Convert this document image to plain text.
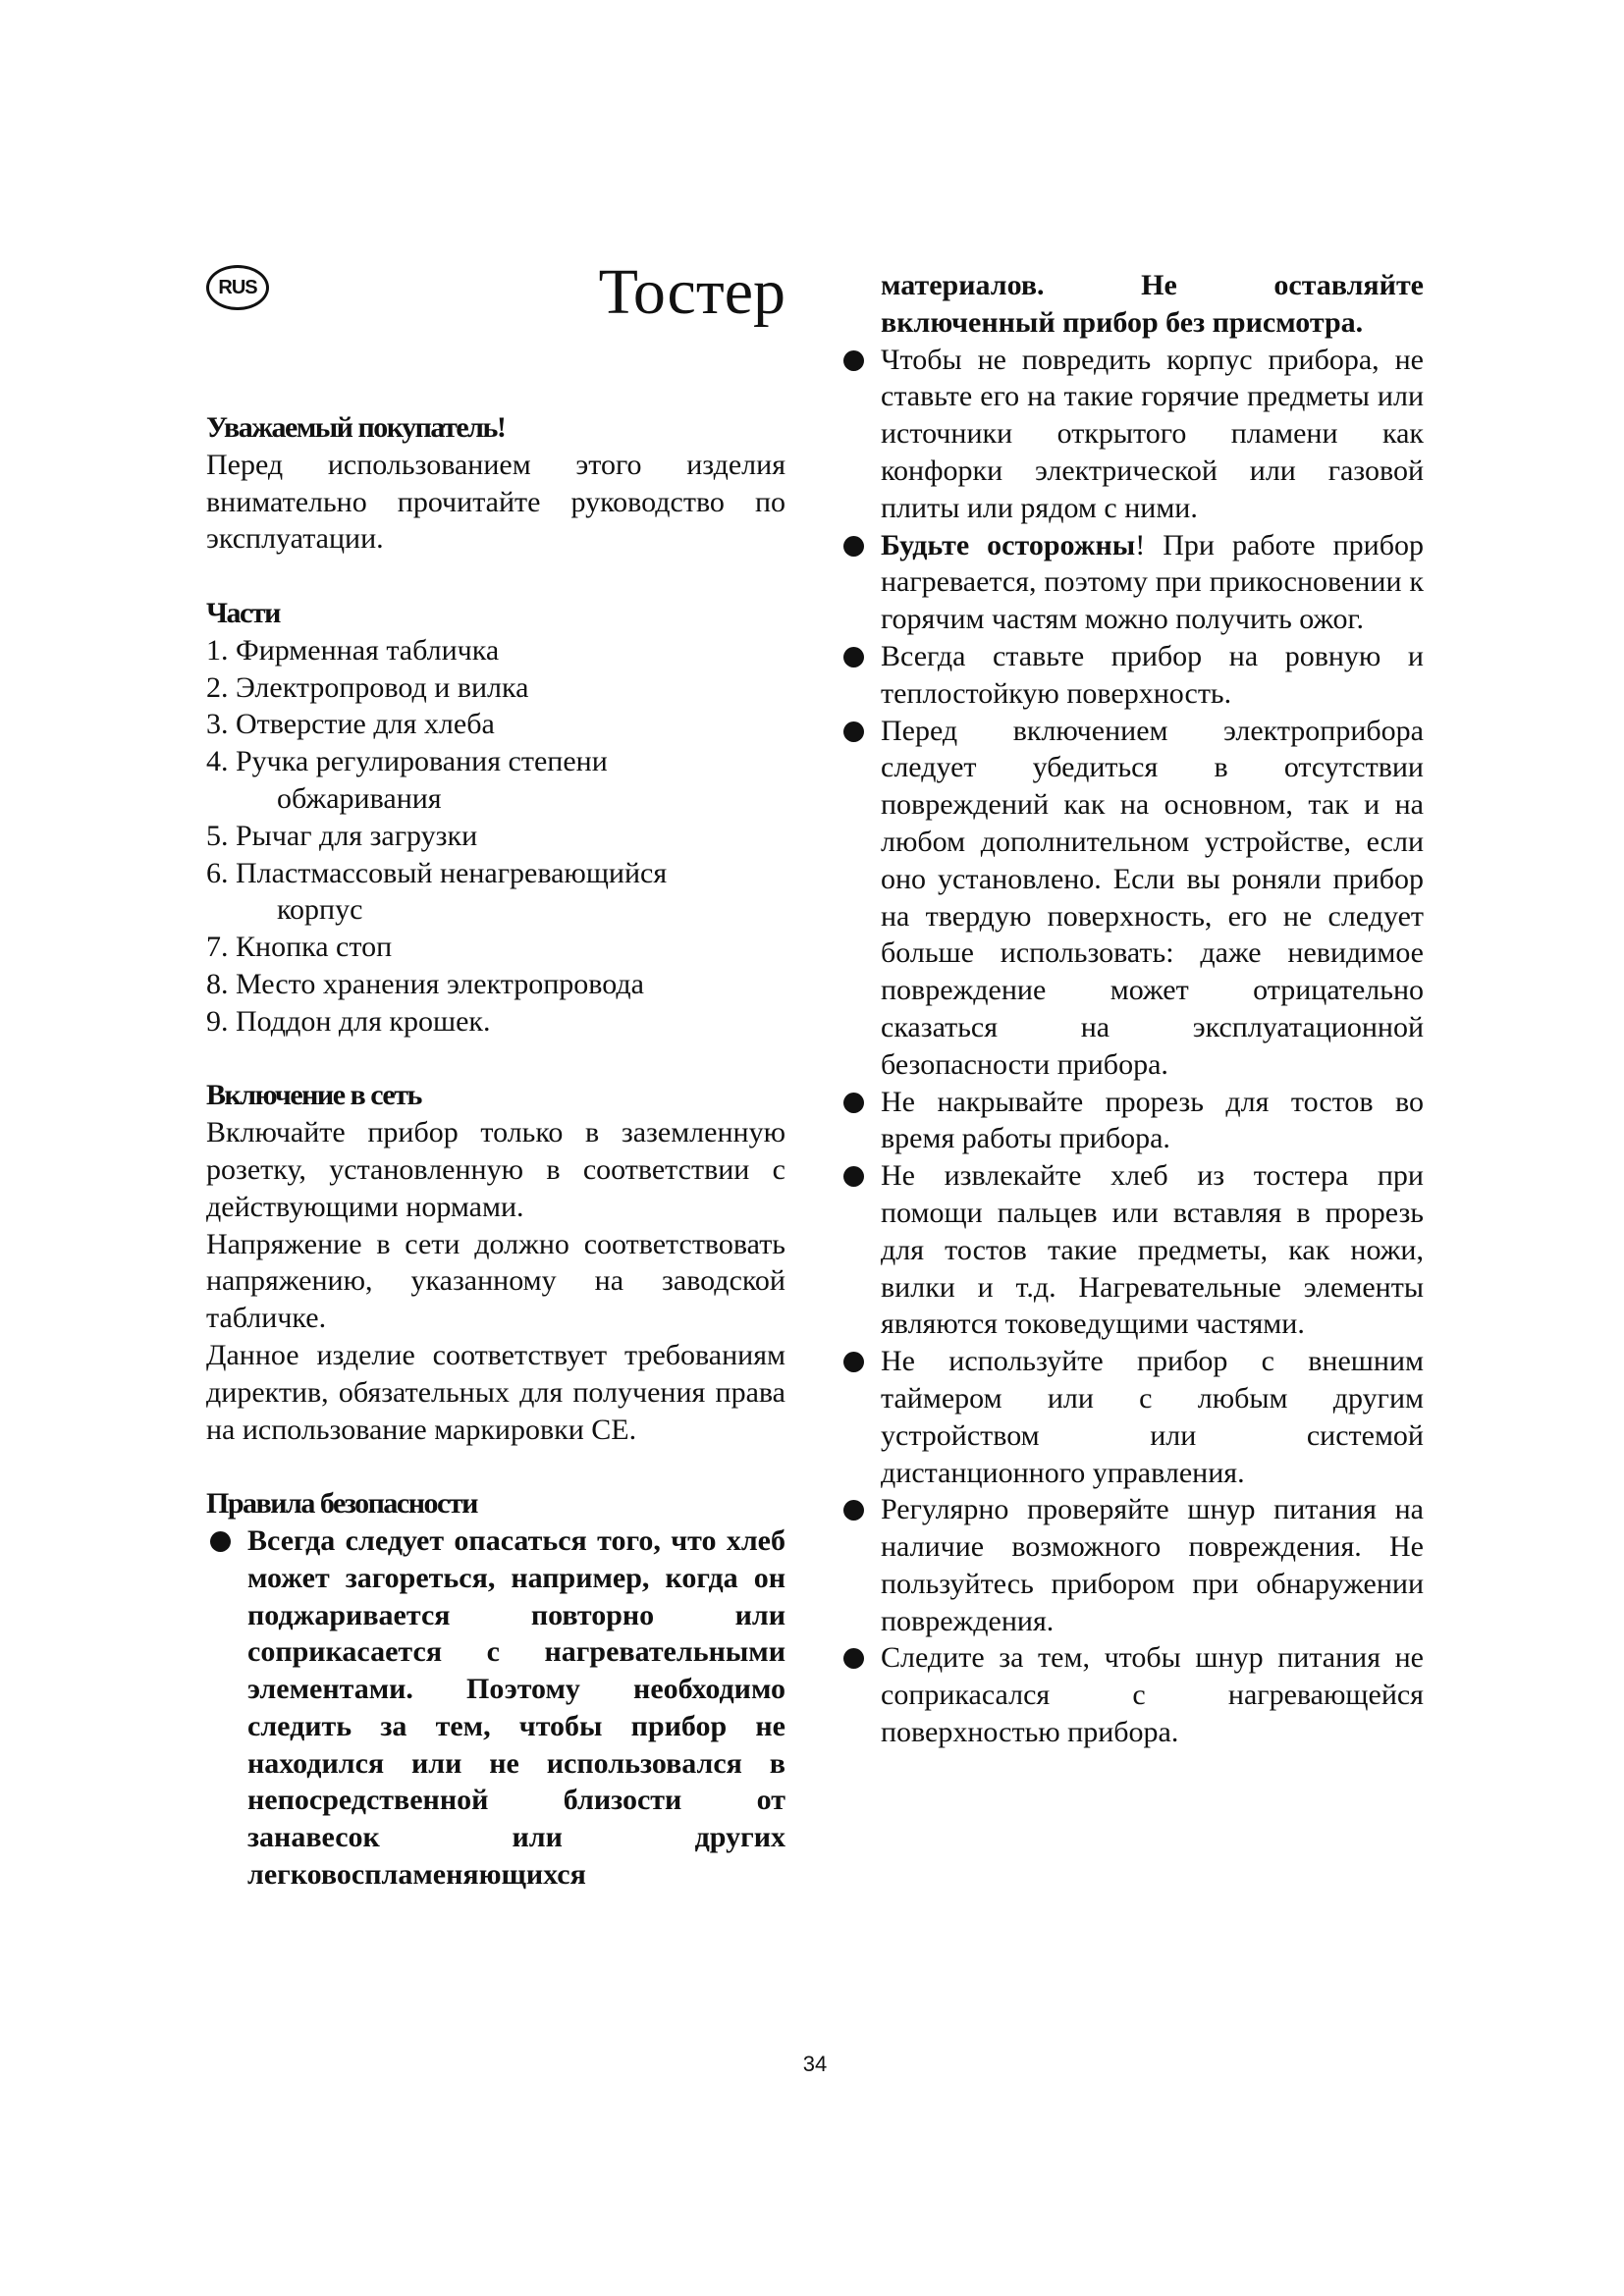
RUS	Тостер

Уважаемый покупатель!

Перед использованием этого изделия внимательно прочитайте руководство по эксплуатации.

Части

1. Фирменная табличка
2. Электропровод и вилка
3. Отверстие для хлеба
4. Ручка регулирования степени
обжаривания
5. Рычаг для загрузки
6. Пластмассовый ненагревающийся
корпус
7. Кнопка стоп
8. Место хранения электропровода
9. Поддон для крошек.

Включение в сеть

Включайте прибор только в заземленную розетку, установленную в соответствии с действующими нормами.

Напряжение в сети должно соответствовать напряжению, указанному на заводской табличке.

Данное изделие соответствует требованиям директив, обязательных для получения права на использование маркировки CE.

Правила безопасности

Всегда следует опасаться того, что хлеб может загореться, например, когда он поджаривается повторно или соприкасается с нагревательными элементами. Поэтому необходимо следить за тем, чтобы прибор не находился или не использовался в непосредственной близости от занавесок или других легковоспламеняющихся

материалов. Не оставляйте включенный прибор без присмотра.

Чтобы не повредить корпус прибора, не ставьте его на такие горячие предметы или источники открытого пламени как конфорки электрической или газовой плиты или рядом с ними.
Будьте осторожны! При работе прибор нагревается, поэтому при прикосновении к горячим частям можно получить ожог.
Всегда ставьте прибор на ровную и теплостойкую поверхность.
Перед включением электроприбора следует убедиться в отсутствии повреждений как на основном, так и на любом дополнительном устройстве, если оно установлено. Если вы роняли прибор на твердую поверхность, его не следует больше использовать: даже невидимое повреждение может отрицательно сказаться на эксплуатационной безопасности прибора.
Не накрывайте прорезь для тостов во время работы прибора.
Не извлекайте хлеб из тостера при помощи пальцев или вставляя в прорезь для тостов такие предметы, как ножи, вилки и т.д. Нагревательные элементы являются токоведущими частями.
Не используйте прибор с внешним таймером или с любым другим устройством или системой дистанционного управления.
Регулярно проверяйте шнур питания на наличие возможного повреждения. Не пользуйтесь прибором при обнаружении повреждения.
Следите за тем, чтобы шнур питания не соприкасался с нагревающейся поверхностью прибора.
34
